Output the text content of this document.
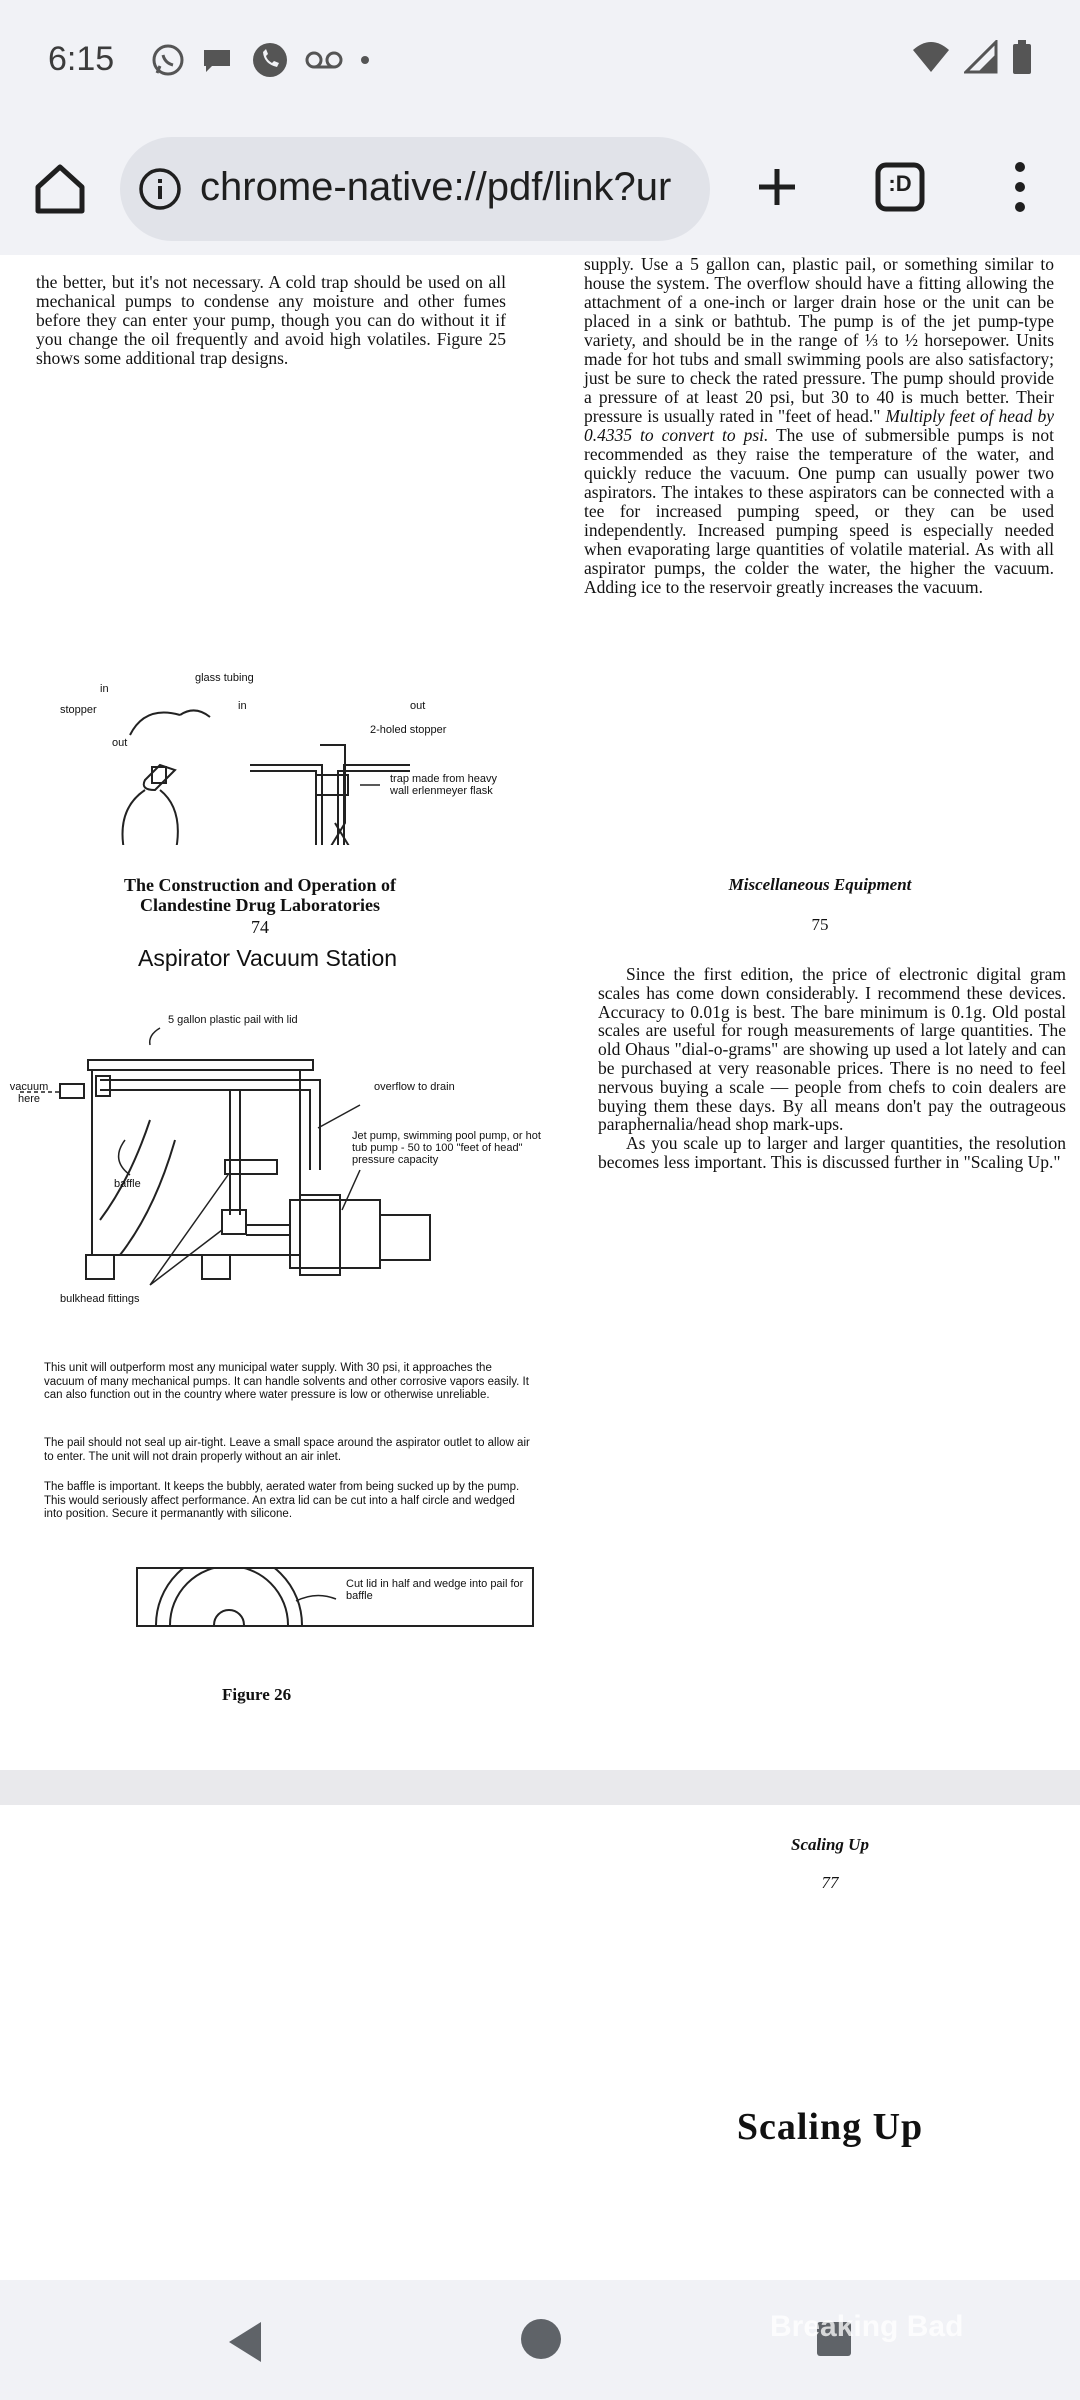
6:15
chrome-native://pdf/link?ur	:D
the better, but it's not necessary. A cold trap should be used on all mechanical pumps to condense any moisture and other fumes before they can enter your pump, though you can do without it if you change the oil frequently and avoid high volatiles. Figure 25 shows some additional trap designs.
supply. Use a 5 gallon can, plastic pail, or something similar to house the system. The overflow should have a fitting allowing the attachment of a one-inch or larger drain hose or the unit can be placed in a sink or bathtub. The pump is of the jet pump-type variety, and should be in the range of ⅓ to ½ horsepower. Units made for hot tubs and small swimming pools are also satisfactory; just be sure to check the rated pressure. The pump should provide a pressure of at least 20 psi, but 30 to 40 is much better. Their pressure is usually rated in "feet of head." Multiply feet of head by 0.4335 to convert to psi. The use of submersible pumps is not recommended as they raise the temperature of the water, and quickly reduce the vacuum. One pump can usually power two aspirators. The intakes to these aspirators can be connected with a tee for increased pumping speed, or they can be used independently. Increased pumping speed is especially needed when evaporating large quantities of volatile material. As with all aspirator pumps, the colder the water, the higher the vacuum. Adding ice to the reservoir greatly increases the vacuum.
glass tubing
in
stopper
out
in	out
2-holed stopper
trap made from heavy wall erlenmeyer flask
The Construction and Operation of Clandestine Drug Laboratories
74
Aspirator Vacuum Station
5 gallon plastic pail with lid
vacuum here
overflow to drain
Jet pump, swimming pool pump, or hot tub pump - 50 to 100 "feet of head" pressure capacity
baffle
bulkhead fittings
This unit will outperform most any municipal water supply. With 30 psi, it approaches the vacuum of many mechanical pumps. It can handle solvents and other corrosive vapors easily. It can also function out in the country where water pressure is low or otherwise unreliable.
The pail should not seal up air-tight. Leave a small space around the aspirator outlet to allow air to enter. The unit will not drain properly without an air inlet.
The baffle is important. It keeps the bubbly, aerated water from being sucked up by the pump. This would seriously affect performance. An extra lid can be cut into a half circle and wedged into position. Secure it permanantly with silicone.
Cut lid in half and wedge into pail for baffle
Figure 26
Miscellaneous Equipment
75

Since the first edition, the price of electronic digital gram scales has come down considerably. I recommend these devices. Accuracy to 0.01g is best. The bare minimum is 0.1g. Old postal scales are useful for rough measurements of large quantities. The old Ohaus "dial-o-grams" are showing up used a lot lately and can be purchased at very reasonable prices. There is no need to feel nervous buying a scale — people from chefs to coin dealers are buying them these days. By all means don't pay the outrageous paraphernalia/head shop mark-ups.

As you scale up to larger and larger quantities, the resolution becomes less important. This is discussed further in "Scaling Up."

Scaling Up
77
Scaling Up
Breaking Bad
